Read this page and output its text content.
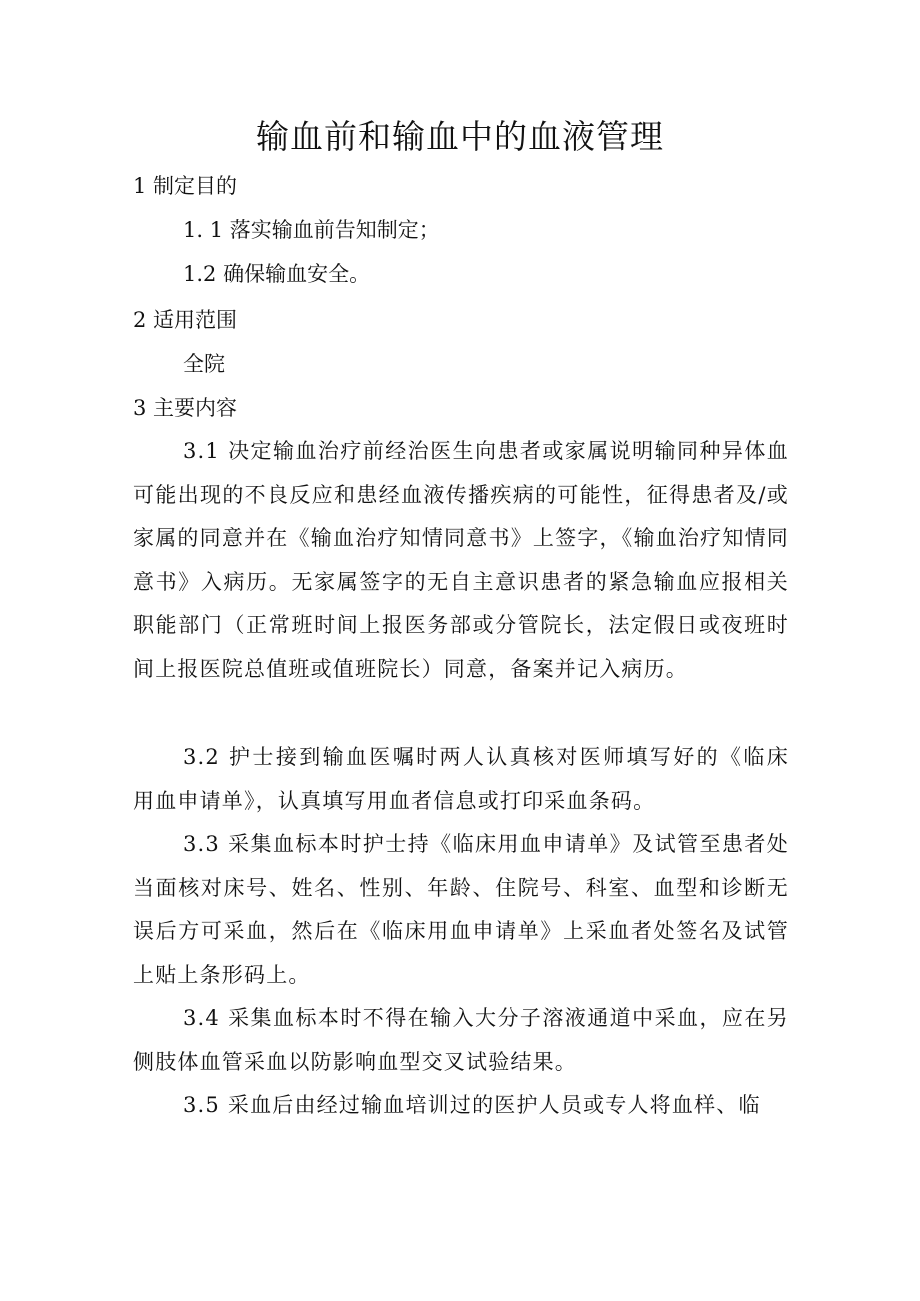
输血前和输血中的血液管理
1 制定目的
1. 1 落实输血前告知制定；
1.2 确保输血安全。
2 适用范围
全院
3 主要内容
3.1 决定输血治疗前经治医生向患者或家属说明输同种异体血可能出现的不良反应和患经血液传播疾病的可能性，征得患者及/或家属的同意并在《输血治疗知情同意书》上签字，《输血治疗知情同意书》入病历。无家属签字的无自主意识患者的紧急输血应报相关职能部门（正常班时间上报医务部或分管院长，法定假日或夜班时间上报医院总值班或值班院长）同意，备案并记入病历。
3.2 护士接到输血医嘱时两人认真核对医师填写好的《临床 用血申请单》，认真填写用血者信息或打印采血条码。
3.3 采集血标本时护士持《临床用血申请单》及试管至患者处当面核对床号、姓名、性别、年龄、住院号、科室、血型和诊断无误后方可采血，然后在《临床用血申请单》上采血者处签名及试管上贴上条形码上。
3.4 采集血标本时不得在输入大分子溶液通道中采血，应在另侧肢体血管采血以防影响血型交叉试验结果。
3.5 采血后由经过输血培训过的医护人员或专人将血样、临
